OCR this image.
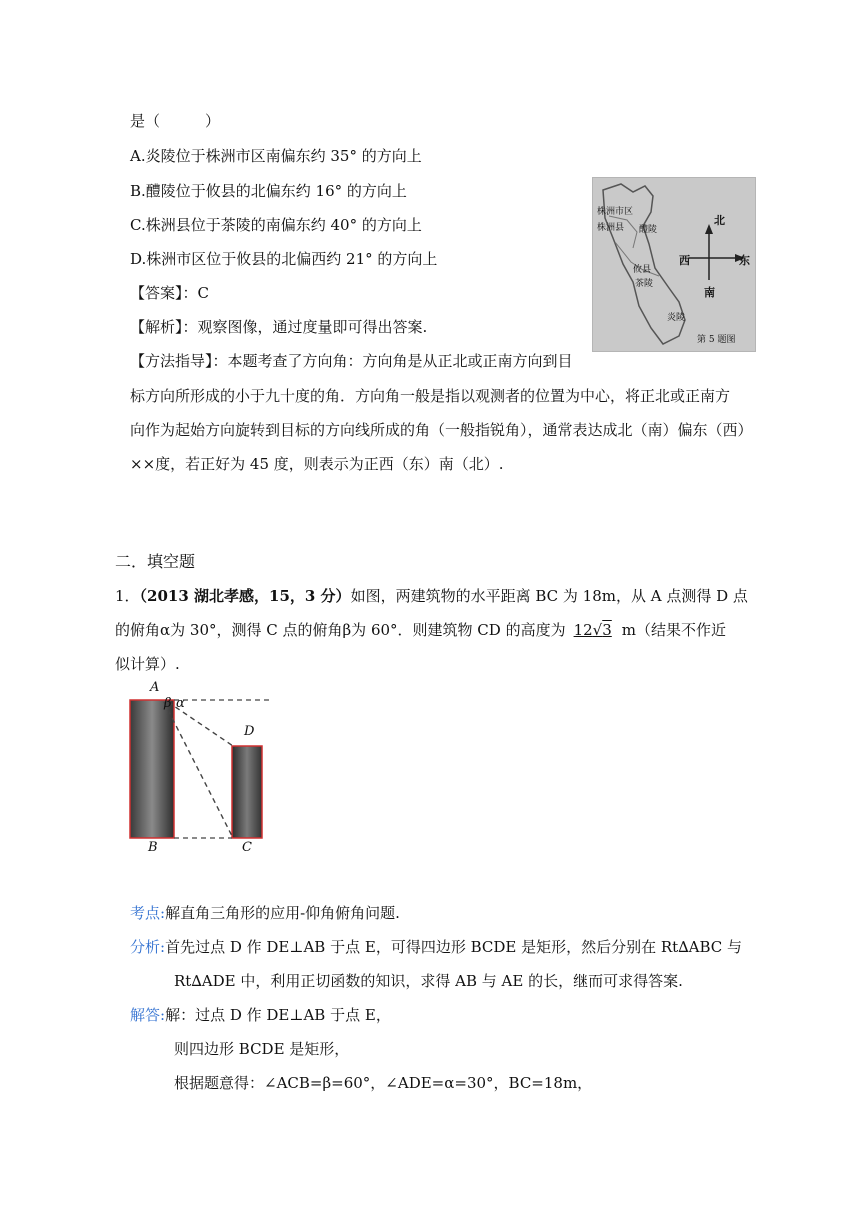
是（　　　）
A.炎陵位于株洲市区南偏东约 35° 的方向上
B.醴陵位于攸县的北偏东约 16° 的方向上
C.株洲县位于茶陵的南偏东约 40° 的方向上
D.株洲市区位于攸县的北偏西约 21° 的方向上
【答案】：C
【解析】：观察图像，通过度量即可得出答案.
【方法指导】：本题考查了方向角：方向角是从正北或正南方向到目
标方向所形成的小于九十度的角．方向角一般是指以观测者的位置为中心，将正北或正南方
向作为起始方向旋转到目标的方向线所成的角（一般指锐角），通常表达成北（南）偏东（西）
××度，若正好为 45 度，则表示为正西（东）南（北）.
株洲市区
株洲县 醴陵
攸县
茶陵
炎陵
北
南
东
西
第 5 题图
二．填空题
1．（2013 湖北孝感，15，3 分）如图，两建筑物的水平距离 BC 为 18m，从 A 点测得 D 点
的俯角α为 30°，测得 C 点的俯角β为 60°．则建筑物 CD 的高度为 12√3 m（结果不作近
似计算）.
A
β α
D
B	C
考点:解直角三角形的应用-仰角俯角问题.
分析:首先过点 D 作 DE⊥AB 于点 E，可得四边形 BCDE 是矩形，然后分别在 Rt∆ABC 与
Rt∆ADE 中，利用正切函数的知识，求得 AB 与 AE 的长，继而可求得答案.
解答:解：过点 D 作 DE⊥AB 于点 E，
则四边形 BCDE 是矩形，
根据题意得：∠ACB=β=60°，∠ADE=α=30°，BC=18m，
